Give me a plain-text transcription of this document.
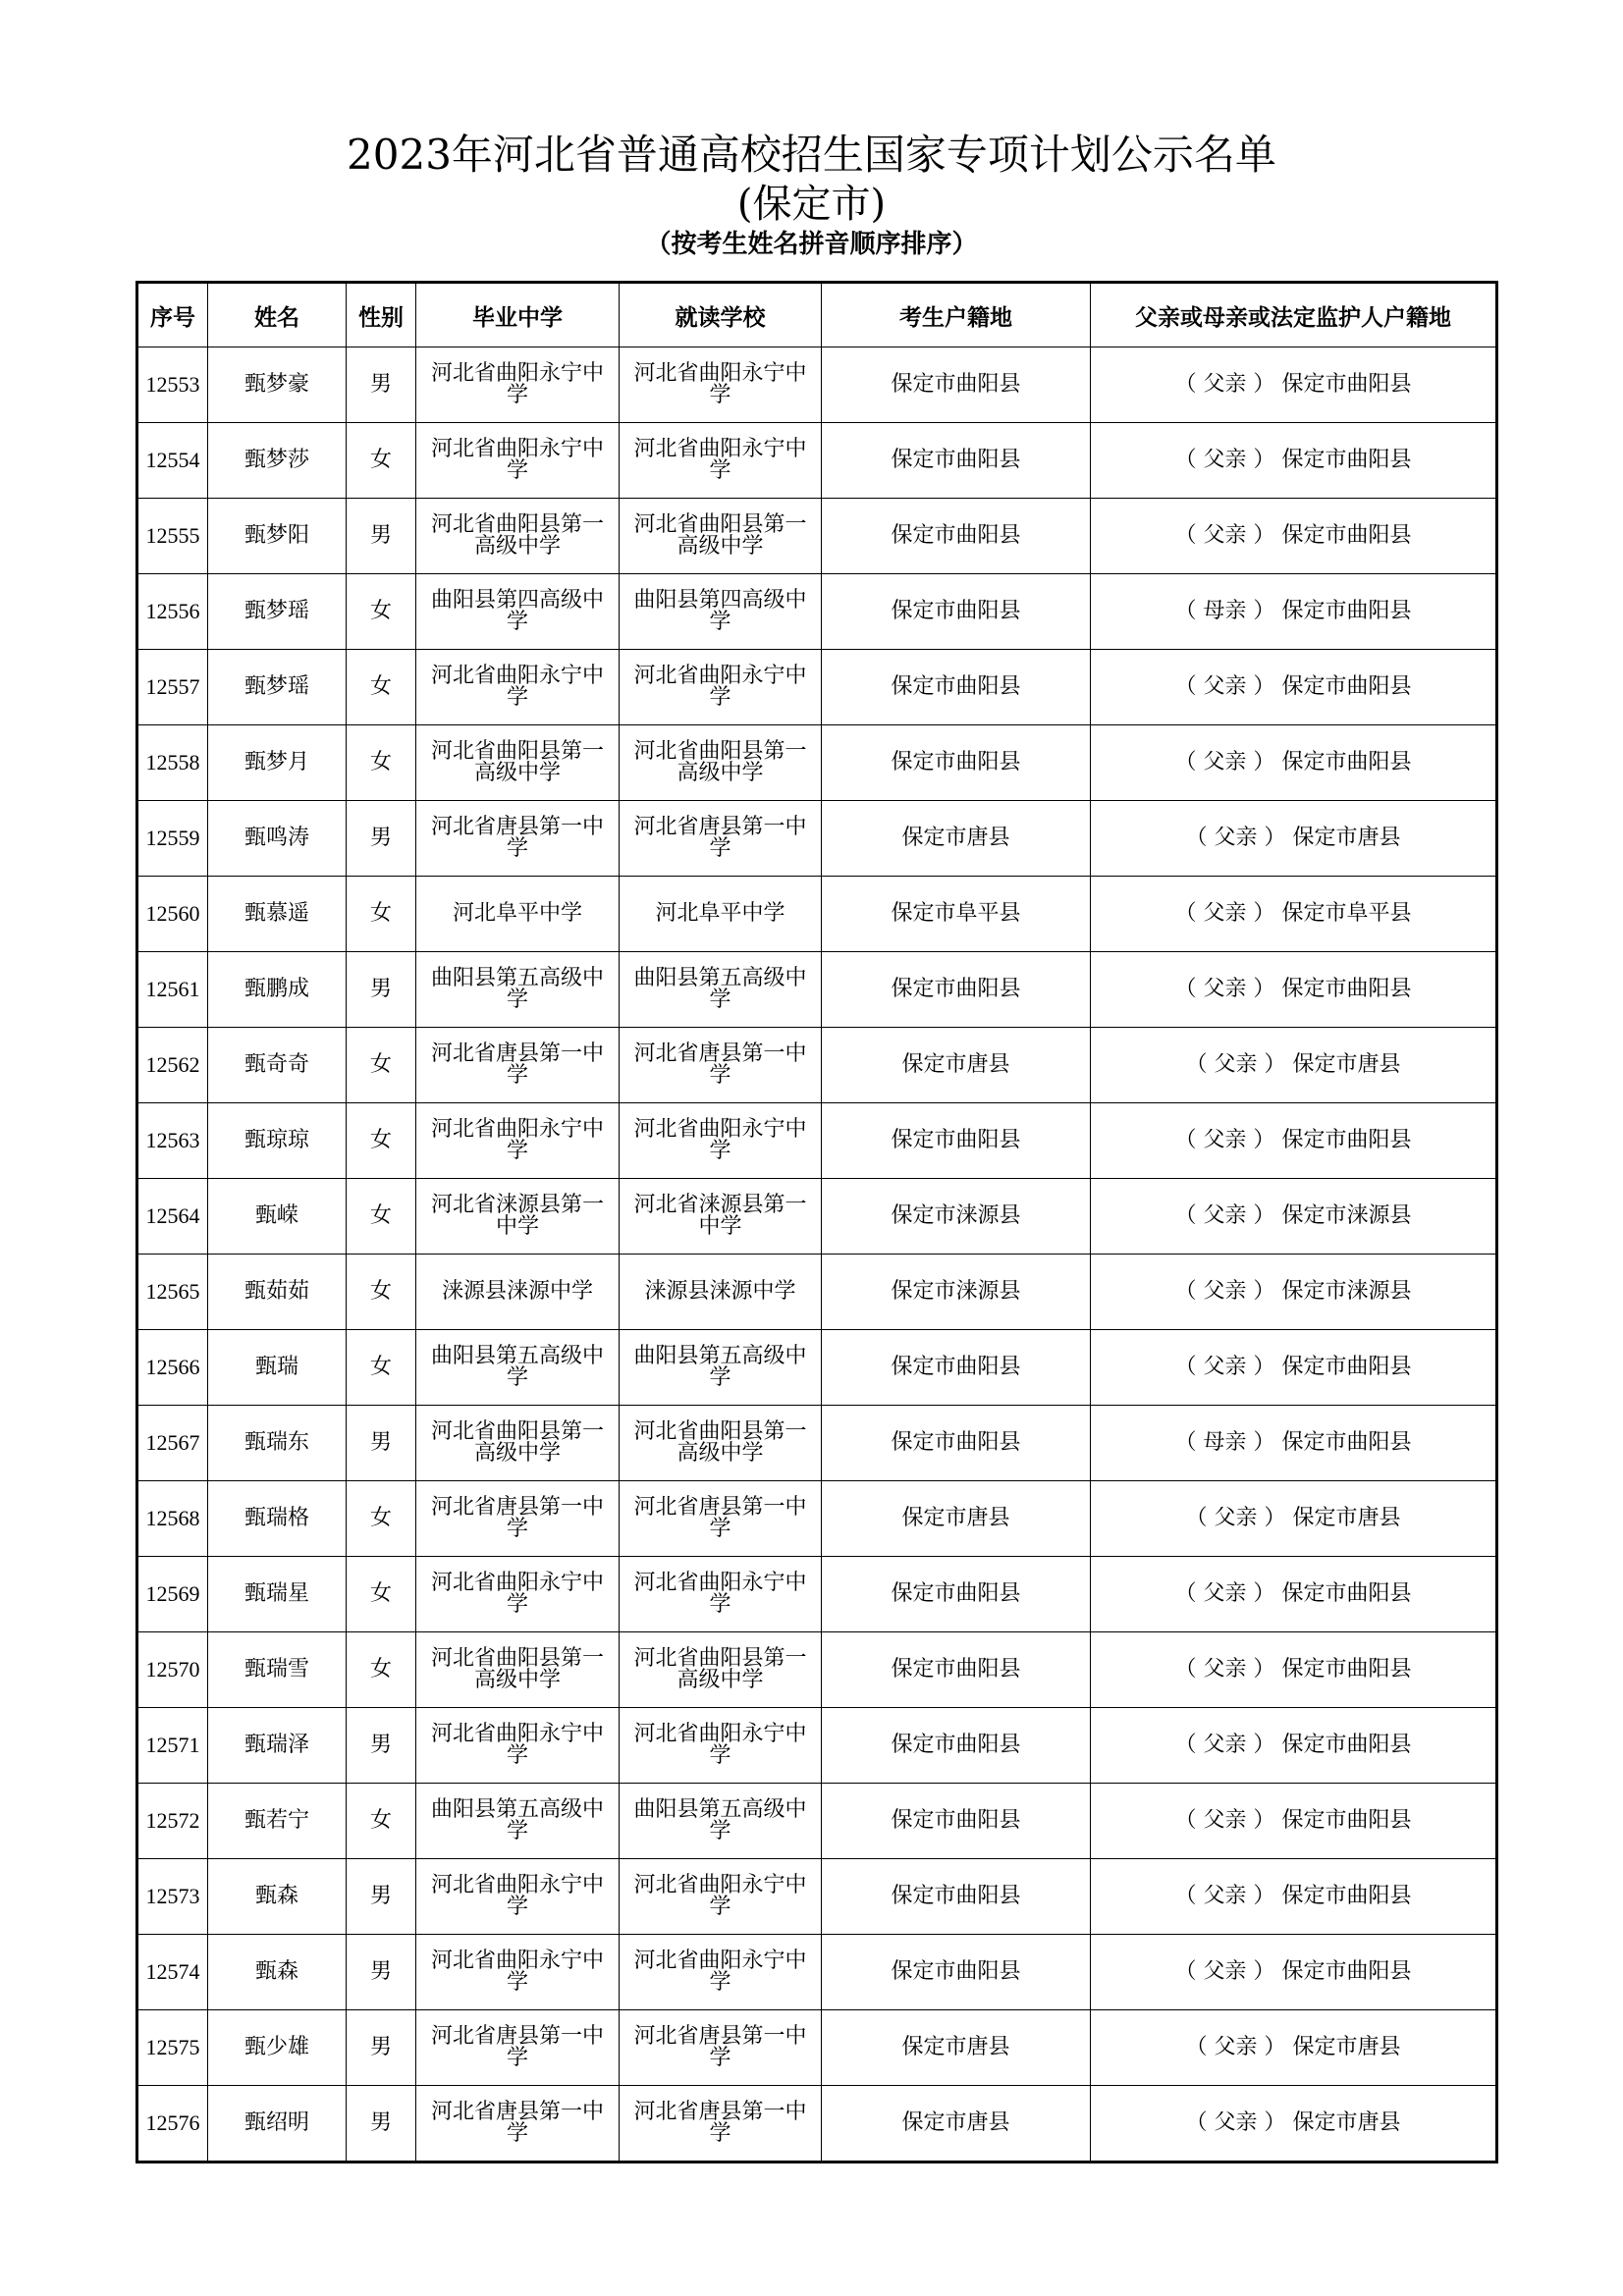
2023年河北省普通高校招生国家专项计划公示名单
(保定市)
（按考生姓名拼音顺序排序）
序号	姓名	性别	毕业中学	就读学校	考生户籍地	父亲或母亲或法定监护人户籍地
12553	甄梦豪	男	河北省曲阳永宁中学	河北省曲阳永宁中学	保定市曲阳县	（ 父亲 ） 保定市曲阳县
12554	甄梦莎	女	河北省曲阳永宁中学	河北省曲阳永宁中学	保定市曲阳县	（ 父亲 ） 保定市曲阳县
12555	甄梦阳	男	河北省曲阳县第一高级中学	河北省曲阳县第一高级中学	保定市曲阳县	（ 父亲 ） 保定市曲阳县
12556	甄梦瑶	女	曲阳县第四高级中学	曲阳县第四高级中学	保定市曲阳县	（ 母亲 ） 保定市曲阳县
12557	甄梦瑶	女	河北省曲阳永宁中学	河北省曲阳永宁中学	保定市曲阳县	（ 父亲 ） 保定市曲阳县
12558	甄梦月	女	河北省曲阳县第一高级中学	河北省曲阳县第一高级中学	保定市曲阳县	（ 父亲 ） 保定市曲阳县
12559	甄鸣涛	男	河北省唐县第一中学	河北省唐县第一中学	保定市唐县	（ 父亲 ） 保定市唐县
12560	甄慕遥	女	河北阜平中学	河北阜平中学	保定市阜平县	（ 父亲 ） 保定市阜平县
12561	甄鹏成	男	曲阳县第五高级中学	曲阳县第五高级中学	保定市曲阳县	（ 父亲 ） 保定市曲阳县
12562	甄奇奇	女	河北省唐县第一中学	河北省唐县第一中学	保定市唐县	（ 父亲 ） 保定市唐县
12563	甄琼琼	女	河北省曲阳永宁中学	河北省曲阳永宁中学	保定市曲阳县	（ 父亲 ） 保定市曲阳县
12564	甄嵘	女	河北省涞源县第一中学	河北省涞源县第一中学	保定市涞源县	（ 父亲 ） 保定市涞源县
12565	甄茹茹	女	涞源县涞源中学	涞源县涞源中学	保定市涞源县	（ 父亲 ） 保定市涞源县
12566	甄瑞	女	曲阳县第五高级中学	曲阳县第五高级中学	保定市曲阳县	（ 父亲 ） 保定市曲阳县
12567	甄瑞东	男	河北省曲阳县第一高级中学	河北省曲阳县第一高级中学	保定市曲阳县	（ 母亲 ） 保定市曲阳县
12568	甄瑞格	女	河北省唐县第一中学	河北省唐县第一中学	保定市唐县	（ 父亲 ） 保定市唐县
12569	甄瑞星	女	河北省曲阳永宁中学	河北省曲阳永宁中学	保定市曲阳县	（ 父亲 ） 保定市曲阳县
12570	甄瑞雪	女	河北省曲阳县第一高级中学	河北省曲阳县第一高级中学	保定市曲阳县	（ 父亲 ） 保定市曲阳县
12571	甄瑞泽	男	河北省曲阳永宁中学	河北省曲阳永宁中学	保定市曲阳县	（ 父亲 ） 保定市曲阳县
12572	甄若宁	女	曲阳县第五高级中学	曲阳县第五高级中学	保定市曲阳县	（ 父亲 ） 保定市曲阳县
12573	甄森	男	河北省曲阳永宁中学	河北省曲阳永宁中学	保定市曲阳县	（ 父亲 ） 保定市曲阳县
12574	甄森	男	河北省曲阳永宁中学	河北省曲阳永宁中学	保定市曲阳县	（ 父亲 ） 保定市曲阳县
12575	甄少雄	男	河北省唐县第一中学	河北省唐县第一中学	保定市唐县	（ 父亲 ） 保定市唐县
12576	甄绍明	男	河北省唐县第一中学	河北省唐县第一中学	保定市唐县	（ 父亲 ） 保定市唐县
